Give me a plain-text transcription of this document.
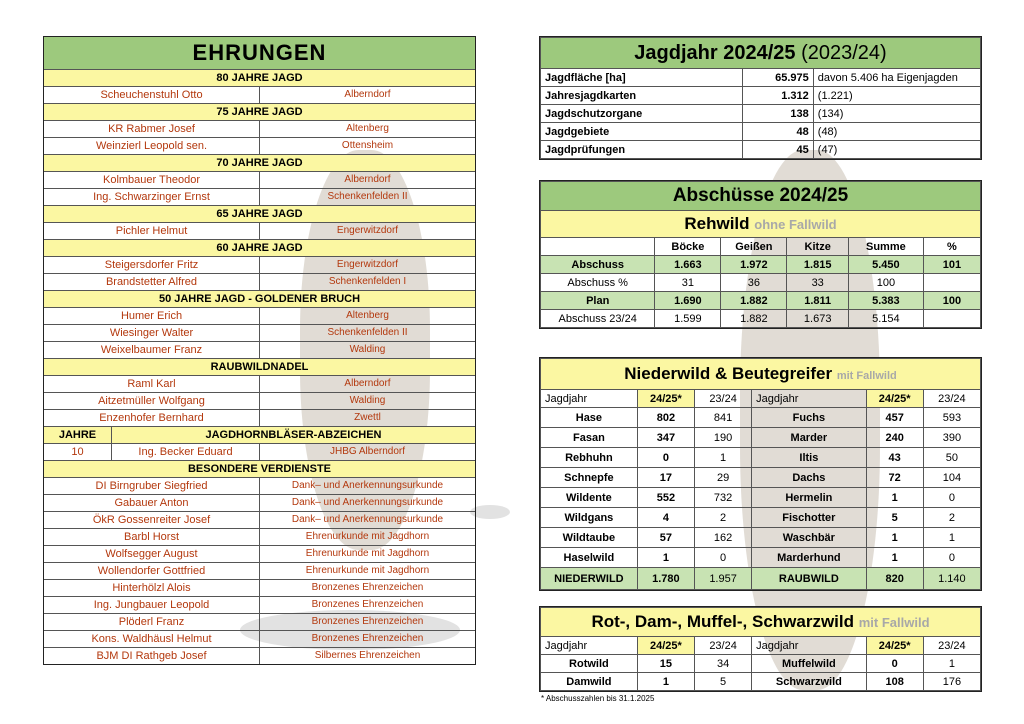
EHRUNGEN
80 JAHRE JAGD
Scheuchenstuhl Otto	Alberndorf
75 JAHRE JAGD
KR Rabmer Josef	Altenberg
Weinzierl Leopold sen.	Ottensheim
70 JAHRE JAGD
Kolmbauer Theodor	Alberndorf
Ing. Schwarzinger Ernst	Schenkenfelden II
65 JAHRE JAGD
Pichler Helmut	Engerwitzdorf
60 JAHRE JAGD
Steigersdorfer Fritz	Engerwitzdorf
Brandstetter Alfred	Schenkenfelden I
50 JAHRE JAGD - GOLDENER BRUCH
Humer Erich	Altenberg
Wiesinger Walter	Schenkenfelden II
Weixelbaumer Franz	Walding
RAUBWILDNADEL
Raml Karl	Alberndorf
Aitzetmüller Wolfgang	Walding
Enzenhofer Bernhard	Zwettl
JAHRE	JAGDHORNBLÄSER-ABZEICHEN
10	Ing. Becker Eduard	JHBG Alberndorf
BESONDERE VERDIENSTE
DI Birngruber Siegfried	Dank– und Anerkennungsurkunde
Gabauer Anton	Dank– und Anerkennungsurkunde
ÖkR Gossenreiter Josef	Dank– und Anerkennungsurkunde
Barbl Horst	Ehrenurkunde mit Jagdhorn
Wolfsegger August	Ehrenurkunde mit Jagdhorn
Wollendorfer Gottfried	Ehrenurkunde mit Jagdhorn
Hinterhölzl Alois	Bronzenes Ehrenzeichen
Ing. Jungbauer Leopold	Bronzenes Ehrenzeichen
Plöderl Franz	Bronzenes Ehrenzeichen
Kons. Waldhäusl Helmut	Bronzenes Ehrenzeichen
BJM DI Rathgeb Josef	Silbernes Ehrenzeichen
Jagdjahr 2024/25 (2023/24)		
Jagdfläche [ha]	65.975	davon 5.406 ha Eigenjagden
Jahresjagdkarten	1.312	(1.221)
Jagdschutzorgane	138	(134)
Jagdgebiete	48	(48)
Jagdprüfungen	45	(47)
Abschüsse 2024/25					
Rehwild ohne Fallwild					
	Böcke	Geißen	Kitze	Summe	%
Abschuss	1.663	1.972	1.815	5.450	101
Abschuss %	31	36	33	100	
Plan	1.690	1.882	1.811	5.383	100
Abschuss 23/24	1.599	1.882	1.673	5.154	
Niederwild & Beutegreifer mit Fallwild					
Jagdjahr	24/25*	23/24	Jagdjahr	24/25*	23/24
Hase	802	841	Fuchs	457	593
Fasan	347	190	Marder	240	390
Rebhuhn	0	1	Iltis	43	50
Schnepfe	17	29	Dachs	72	104
Wildente	552	732	Hermelin	1	0
Wildgans	4	2	Fischotter	5	2
Wildtaube	57	162	Waschbär	1	1
Haselwild	1	0	Marderhund	1	0
NIEDERWILD	1.780	1.957	RAUBWILD	820	1.140
Rot-, Dam-, Muffel-, Schwarzwild mit Fallwild					
Jagdjahr	24/25*	23/24	Jagdjahr	24/25*	23/24
Rotwild	15	34	Muffelwild	0	1
Damwild	1	5	Schwarzwild	108	176
* Abschusszahlen bis 31.1.2025
